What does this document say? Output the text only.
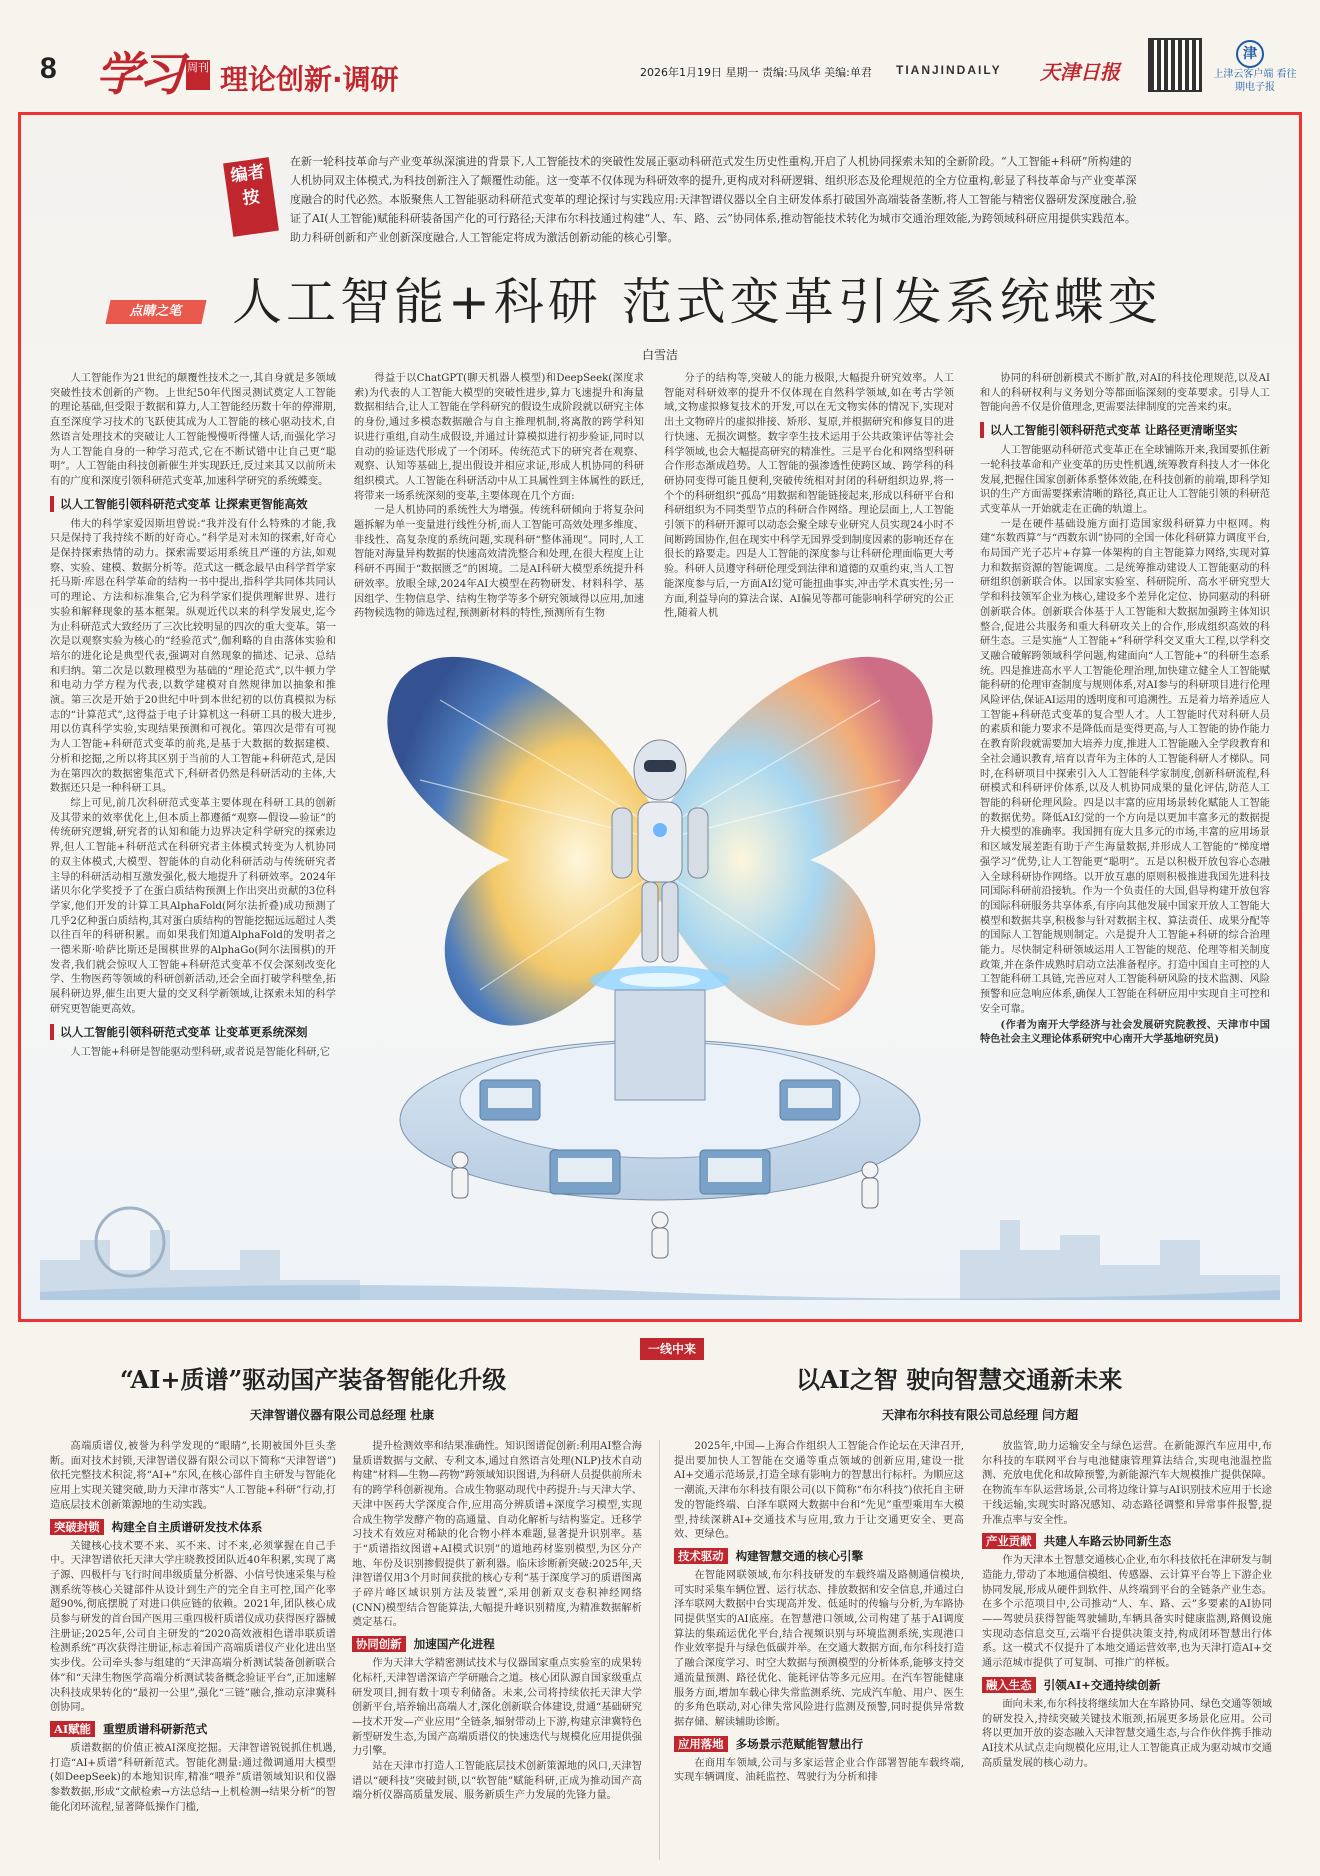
8 学习 周刊 理论创新·调研	2026年1月19日 星期一 责编:马凤华 美编:单君 TIANJINDAILY 天津日报
津
上津云客户端 看往期电子报
编者按
在新一轮科技革命与产业变革纵深演进的背景下,人工智能技术的突破性发展正驱动科研范式发生历史性重构,开启了人机协同探索未知的全新阶段。“人工智能+科研”所构建的人机协同双主体模式,为科技创新注入了颠覆性动能。这一变革不仅体现为科研效率的提升,更构成对科研逻辑、组织形态及伦理规范的全方位重构,彰显了科技革命与产业变革深度融合的时代必然。本版聚焦人工智能驱动科研范式变革的理论探讨与实践应用:天津智谱仪器以全自主研发体系打破国外高端装备垄断,将人工智能与精密仪器研发深度融合,验证了AI(人工智能)赋能科研装备国产化的可行路径;天津布尔科技通过构建“人、车、路、云”协同体系,推动智能技术转化为城市交通治理效能,为跨领域科研应用提供实践范本。助力科研创新和产业创新深度融合,人工智能定将成为激活创新动能的核心引擎。
点睛之笔 人工智能+科研 范式变革引发系统蝶变
白雪洁

人工智能作为21世纪的颠覆性技术之一,其自身就是多领域突破性技术创新的产物。上世纪50年代图灵测试奠定人工智能的理论基础,但受限于数据和算力,人工智能经历数十年的停滞期,直至深度学习技术的飞跃使其成为人工智能的核心驱动技术,自然语言处理技术的突破让人工智能慢慢听得懂人话,而强化学习为人工智能自身的一种学习范式,它在不断试错中让自己更“聪明”。人工智能由科技创新催生并实现跃迁,反过来其又以前所未有的广度和深度引领科研范式变革,加速科学研究的系统蝶变。

以人工智能引领科研范式变革 让探索更智能高效

伟大的科学家爱因斯坦曾说:“我并没有什么特殊的才能,我只是保持了我持续不断的好奇心。”科学是对未知的探索,好奇心是保持探索热情的动力。探索需要运用系统且严谨的方法,如观察、实验、建模、数据分析等。范式这一概念最早由科学哲学家托马斯·库恩在科学革命的结构一书中提出,指科学共同体共同认可的理论、方法和标准集合,它为科学家们提供理解世界、进行实验和解释现象的基本框架。纵观近代以来的科学发展史,迄今为止科研范式大致经历了三次比较明显的四次的重大变革。第一次是以观察实验为核心的“经验范式”,伽利略的自由落体实验和培尔的进化论是典型代表,强调对自然现象的描述、记录、总结和归纳。第二次是以数理模型为基础的“理论范式”,以牛顿力学和电动力学方程为代表,以数学建模对自然规律加以抽象和推演。第三次是开始于20世纪中叶到本世纪初的以仿真模拟为标志的“计算范式”,这得益于电子计算机这一科研工具的极大进步,用以仿真科学实验,实现结果预测和可视化。第四次是带有可视为人工智能+科研范式变革的前兆,是基于大数据的数据建模、分析和挖掘,之所以将其区别于当前的人工智能+科研范式,是因为在第四次的数据密集范式下,科研者仍然是科研活动的主体,大数据还只是一种科研工具。

综上可见,前几次科研范式变革主要体现在科研工具的创新及其带来的效率优化上,但本质上都遵循“观察—假设—验证”的传统研究逻辑,研究者的认知和能力边界决定科学研究的探索边界,但人工智能+科研范式在科研究者主体模式转变为人机协同的双主体模式,大模型、智能体的自动化科研活动与传统研究者主导的科研活动相互激发强化,极大地提升了科研效率。2024年诺贝尔化学奖授予了在蛋白质结构预测上作出突出贡献的3位科学家,他们开发的计算工具AlphaFold(阿尔法折叠)成功预测了几乎2亿种蛋白质结构,其对蛋白质结构的智能挖掘远远超过人类以往百年的科研积累。而如果我们知道AlphaFold的发明者之一德米斯·哈萨比斯还是围棋世界的AlphaGo(阿尔法围棋)的开发者,我们就会惊叹人工智能+科研范式变革不仅会深刻改变化学、生物医药等领域的科研创新活动,还会全面打破学科壁垒,拓展科研边界,催生出更大量的交叉科学新领域,让探索未知的科学研究更智能更高效。

以人工智能引领科研范式变革 让变革更系统深刻

人工智能+科研是智能驱动型科研,或者说是智能化科研,它

得益于以ChatGPT(聊天机器人模型)和DeepSeek(深度求索)为代表的人工智能大模型的突破性进步,算力飞速提升和海量数据相结合,让人工智能在学科研究的假设生成阶段就以研究主体的身份,通过多模态数据融合与自主推理机制,将离散的跨学科知识进行重组,自动生成假设,并通过计算模拟进行初步验证,同时以自动的验证迭代形成了一个闭环。传统范式下的研究者在观察、观察、认知等基础上,提出假设并相应求证,形成人机协同的科研组织模式。人工智能在科研活动中从工具属性到主体属性的跃迁,将带来一场系统深刻的变革,主要体现在几个方面:

一是人机协同的系统性大为增强。传统科研倾向于将复杂问题拆解为单一变量进行线性分析,而人工智能可高效处理多维度、非线性、高复杂度的系统问题,实现科研“整体涌现”。同时,人工智能对海量异构数据的快速高效清洗整合和处理,在很大程度上让科研不再囿于“数据匮乏”的困境。二是AI科研大模型系统提升科研效率。放眼全球,2024年AI大模型在药物研发、材料科学、基因组学、生物信息学、结构生物学等多个研究领域得以应用,加速药物候选物的筛选过程,预测新材料的特性,预测所有生物

分子的结构等,突破人的能力极限,大幅提升研究效率。人工智能对科研效率的提升不仅体现在自然科学领域,如在考古学领域,文物虚拟修复技术的开发,可以在无文物实体的情况下,实现对出土文物碎片的虚拟排接、矫形、复原,并根据研究和修复目的进行快速、无损次调整。数字孪生技术运用于公共政策评估等社会科学领域,也会大幅提高研究的精准性。三是平台化和网络型科研合作形态渐成趋势。人工智能的强渗透性使跨区域、跨学科的科研协同变得可能且便利,突破传统相对封闭的科研组织边界,将一个个的科研组织“孤岛”用数据和智能链接起来,形成以科研平台和科研组织为不同类型节点的科研合作网络。理论层面上,人工智能引领下的科研开源可以动态会聚全球专业研究人员实现24小时不间断跨国协作,但在现实中科学无国界受到制度因素的影响还存在很长的路要走。四是人工智能的深度参与让科研伦理面临更大考验。科研人员遵守科研伦理受到法律和道德的双重约束,当人工智能深度参与后,一方面AI幻觉可能扭曲事实,冲击学术真实性;另一方面,利益导向的算法合谋、AI偏见等都可能影响科学研究的公正性,随着人机

协同的科研创新模式不断扩散,对AI的科技伦理规范,以及AI和人的科研权利与义务划分等都面临深刻的变革要求。引导人工智能向善不仅是价值理念,更需要法律制度的完善来约束。

以人工智能引领科研范式变革 让路径更清晰坚实

人工智能驱动科研范式变革正在全球铺陈开来,我国要抓住新一轮科技革命和产业变革的历史性机遇,统筹教育科技人才一体化发展,把握住国家创新体系整体效能,在科技创新的前端,即科学知识的生产方面需要探索清晰的路径,真正让人工智能引领的科研范式变革从一开始就走在正确的轨道上。

一是在硬件基础设施方面打造国家级科研算力中枢网。构建“东数西算”与“西数东训”协同的全国一体化科研算力调度平台,布局国产光子芯片+存算一体架构的自主智能算力网络,实现对算力和数据资源的智能调度。二是统筹推动建设人工智能驱动的科研组织创新联合体。以国家实验室、科研院所、高水平研究型大学和科技领军企业为核心,建设多个差异化定位、协同驱动的科研创新联合体。创新联合体基于人工智能和大数据加强跨主体知识整合,促进公共服务和重大科研攻关上的合作,形成组织高效的科研生态。三是实施“人工智能+”科研学科交叉重大工程,以学科交叉融合破解跨领域科学问题,构建面向“人工智能+”的科研生态系统。四是推进高水平人工智能伦理治理,加快建立健全人工智能赋能科研的伦理审查制度与规则体系,对AI参与的科研项目进行伦理风险评估,保证AI运用的透明度和可追溯性。五是着力培养适应人工智能+科研范式变革的复合型人才。人工智能时代对科研人员的素质和能力要求不是降低而是变得更高,与人工智能的协作能力在教育阶段就需要加大培养力度,推进人工智能融入全学段教育和全社会通识教育,培育以青年为主体的人工智能科研人才梯队。同时,在科研项目中探索引入人工智能科学家制度,创新科研流程,科研模式和科研评价体系,以及人机协同成果的量化评估,防范人工智能的科研伦理风险。四是以丰富的应用场景转化赋能人工智能的数据优势。降低AI幻觉的一个方向是以更加丰富多元的数据提升大模型的准确率。我国拥有庞大且多元的市场,丰富的应用场景和区域发展差距有助于产生海量数据,并形成人工智能的“梯度增强学习”优势,让人工智能更“聪明”。五是以积极开放包容心态融入全球科研协作网络。以开放互惠的原则积极推进我国先进科技同国际科研前沿接轨。作为一个负责任的大国,倡导构建开放包容的国际科研服务共享体系,有序向其他发展中国家开放人工智能大模型和数据共享,积极参与针对数据主权、算法责任、成果分配等的国际人工智能规则制定。六是提升人工智能+科研的综合治理能力。尽快制定科研领域运用人工智能的规范、伦理等相关制度政策,并在条件成熟时启动立法准备程序。打造中国自主可控的人工智能科研工具链,完善应对人工智能科研风险的技术监测、风险预警和应急响应体系,确保人工智能在科研应用中实现自主可控和安全可靠。

(作者为南开大学经济与社会发展研究院教授、天津市中国特色社会主义理论体系研究中心南开大学基地研究员)

“AI+质谱”驱动国产装备智能化升级
天津智谱仪器有限公司总经理 杜康
一线中来
以AI之智 驶向智慧交通新未来
天津布尔科技有限公司总经理 闫方超

高端质谱仪,被誉为科学发现的“眼睛”,长期被国外巨头垄断。面对技术封锁,天津智谱仪器有限公司以下简称“天津智谱”)依托完整技术积淀,将“AI+”东风,在核心部件自主研发与智能化应用上实现关键突破,助力天津市落实“人工智能+科研”行动,打造底层技术创新策源地的生动实践。

突破封锁 构建全自主质谱研发技术体系

关键核心技术要不来、买不来、讨不来,必须掌握在自己手中。天津智谱依托天津大学庄晓教授团队近40年积累,实现了离子源、四极杆与飞行时间串级质量分析器、小信号快速采集与检测系统等核心关键部件从设计到生产的完全自主可控,国产化率超90%,彻底摆脱了对进口供应链的依赖。2021年,团队核心成员参与研发的首台国产医用三重四极杆质谱仪成功获得医疗器械注册证;2025年,公司自主研发的“2020高效液相色谱串联质谱检测系统”再次获得注册证,标志着国产高端质谱仪产业化进出坚实步伐。公司牵头参与组建的“天津高端分析测试装备创新联合体”和“天津生物医学高端分析测试装备概念验证平台”,正加速解决科技成果转化的“最初一公里”,强化“三链”融合,推动京津冀科创协同。

AI赋能 重塑质谱科研新范式

质谱数据的价值正被AI深度挖掘。天津智谱锐锐抓住机遇,打造“AI+质谱”科研新范式。智能化测量:通过微调通用大模型(如DeepSeek)的本地知识库,精准“喂养”质谱领域知识和仪器参数数据,形成“文献检索→方法总结→上机检测→结果分析”的智能化闭环流程,显著降低操作门槛,

提升检测效率和结果准确性。知识图谱促创新:利用AI整合海量质谱数据与文献、专利文本,通过自然语言处理(NLP)技术自动构建“材料—生物—药物”跨领域知识图谱,为科研人员提供前所未有的跨学科创新视角。合成生物驱动现代中药提升:与天津大学、天津中医药大学深度合作,应用高分辨质谱+深度学习模型,实现合成生物学发酵产物的高通量、自动化解析与结构鉴定。迁移学习技术有效应对稀缺的化合物小样本难题,显著提升识别率。基于“质谱指纹图谱+AI模式识别”的道地药材鉴别模型,为区分产地、年份及识别掺假提供了新利器。临床诊断新突破:2025年,天津智谱仅用3个月时间获批的核心专利“基于深度学习的质谱图离子碎片峰区域识别方法及装置”,采用创新双支卷积神经网络(CNN)模型结合智能算法,大幅提升峰识别精度,为精准数据解析奠定基石。

协同创新 加速国产化进程

作为天津大学精密测试技术与仪器国家重点实验室的成果转化标杆,天津智谱深谙产学研融合之道。核心团队源自国家级重点研发项目,拥有数十项专利储备。未来,公司将持续依托天津大学创新平台,培养输出高端人才,深化创新联合体建设,贯通“基础研究—技术开发—产业应用”全链条,辐射带动上下游,构建京津冀特色新型研发生态,为国产高端质谱仪的快速迭代与规模化应用提供强力引擎。

站在天津市打造人工智能底层技术创新策源地的风口,天津智谱以“硬科技”突破封锁,以“软智能”赋能科研,正成为推动国产高端分析仪器高质量发展、服务新质生产力发展的先锋力量。

2025年,中国—上海合作组织人工智能合作论坛在天津召开,提出要加快人工智能在交通等重点领域的创新应用,建设一批AI+交通示范场景,打造全球有影响力的智慧出行标杆。为顺应这一潮流,天津布尔科技有限公司(以下简称“布尔科技”)依托自主研发的智能终端、白泽车联网大数据中台和“先见”重型乘用车大模型,持续深耕AI+交通技术与应用,致力于让交通更安全、更高效、更绿色。

技术驱动 构建智慧交通的核心引擎

在智能网联领域,布尔科技研发的车载终端及路侧通信模块,可实时采集车辆位置、运行状态、排放数据和安全信息,并通过白泽车联网大数据中台实现高并发、低延时的传输与分析,为车路协同提供坚实的AI底座。在智慧港口领域,公司构建了基于AI调度算法的集疏运优化平台,结合视频识别与环境监测系统,实现港口作业效率提升与绿色低碳并举。在交通大数据方面,布尔科技打造了融合深度学习、时空大数据与预测模型的分析体系,能够支持交通流量预测、路径优化、能耗评估等多元应用。在汽车智能健康服务方面,增加车载心律失常监测系统、完成汽车舱、用户、医生的多角色联动,对心律失常风险进行监测及预警,同时提供异常数据存储、解读辅助诊断。

应用落地 多场景示范赋能智慧出行

在商用车领域,公司与多家运营企业合作部署智能车载终端,实现车辆调度、油耗监控、驾驶行为分析和排

放监管,助力运输安全与绿色运营。在新能源汽车应用中,布尔科技的车联网平台与电池健康管理算法结合,实现电池温控监测、充放电优化和故障预警,为新能源汽车大规模推广提供保障。在物流车车队运营场景,公司将边缘计算与AI识别技术应用于长途干线运输,实现实时路况感知、动态路径调整和异常事件报警,提升准点率与安全性。

产业贡献 共建人车路云协同新生态

作为天津本土智慧交通核心企业,布尔科技依托在津研发与制造能力,带动了本地通信模组、传感器、云计算平台等上下游企业协同发展,形成从硬件到软件、从终端到平台的全链条产业生态。在多个示范项目中,公司推动“人、车、路、云”多要素的AI协同——驾驶员获得智能驾驶辅助,车辆具备实时健康监测,路侧设施实现动态信息交互,云端平台提供决策支持,构成闭环智慧出行体系。这一模式不仅提升了本地交通运营效率,也为天津打造AI+交通示范城市提供了可复制、可推广的样板。

融入生态 引领AI+交通持续创新

面向未来,布尔科技将继续加大在车路协同、绿色交通等领域的研发投入,持续突破关键技术瓶颈,拓展更多场景化应用。公司将以更加开放的姿态融入天津智慧交通生态,与合作伙伴携手推动AI技术从试点走向规模化应用,让人工智能真正成为驱动城市交通高质量发展的核心动力。
